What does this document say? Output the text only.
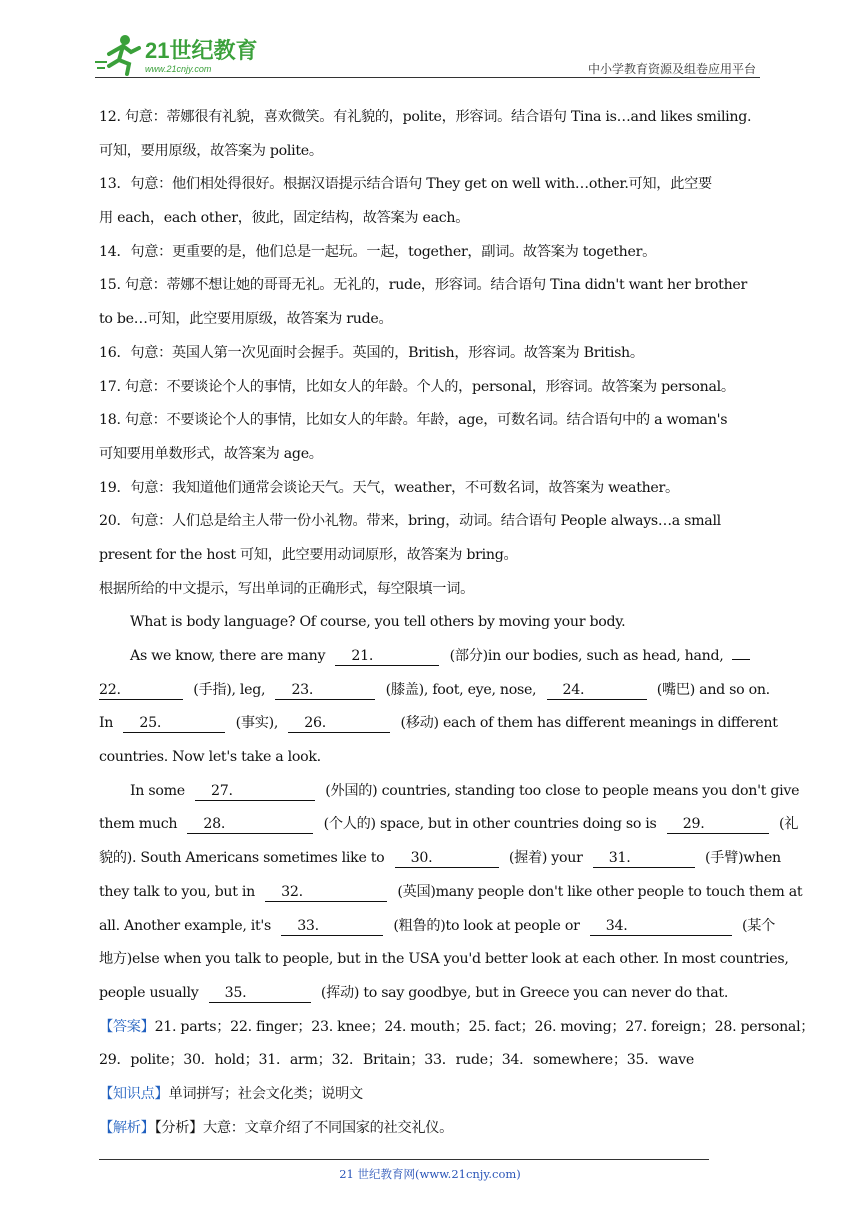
21世纪教育
www.21cnjy.com	中小学教育资源及组卷应用平台
12. 句意：蒂娜很有礼貌，喜欢微笑。有礼貌的，polite，形容词。结合语句 Tina is…and likes smiling.
可知，要用原级，故答案为 polite。
13．句意：他们相处得很好。根据汉语提示结合语句 They get on well with…other.可知，此空要
用 each，each other，彼此，固定结构，故答案为 each。
14．句意：更重要的是，他们总是一起玩。一起，together，副词。故答案为 together。
15. 句意：蒂娜不想让她的哥哥无礼。无礼的，rude，形容词。结合语句 Tina didn't want her brother
to be…可知，此空要用原级，故答案为 rude。
16．句意：英国人第一次见面时会握手。英国的，British，形容词。故答案为 British。
17. 句意：不要谈论个人的事情，比如女人的年龄。个人的，personal，形容词。故答案为 personal。
18. 句意：不要谈论个人的事情，比如女人的年龄。年龄，age，可数名词。结合语句中的 a woman's
可知要用单数形式，故答案为 age。
19．句意：我知道他们通常会谈论天气。天气，weather，不可数名词，故答案为 weather。
20．句意：人们总是给主人带一份小礼物。带来，bring，动词。结合语句 People always…a small
present for the host 可知，此空要用动词原形，故答案为 bring。
根据所给的中文提示，写出单词的正确形式，每空限填一词。
What is body language? Of course, you tell others by moving your body.
As we know, there are many 21.	(部分)in our bodies, such as head, hand,
22.	(手指), leg, 23.	(膝盖), foot, eye, nose, 24.	(嘴巴) and so on.
In 25.	(事实), 26.	(移动) each of them has different meanings in different
countries. Now let's take a look.
In some 27.	(外国的) countries, standing too close to people means you don't give
them much 28.	(个人的) space, but in other countries doing so is 29.	(礼
貌的). South Americans sometimes like to 30.	(握着) your 31.	(手臂)when
they talk to you, but in 32.	(英国)many people don't like other people to touch them at
all. Another example, it's 33.	(粗鲁的)to look at people or 34.	(某个
地方)else when you talk to people, but in the USA you'd better look at each other. In most countries,
people usually 35.	(挥动) to say goodbye, but in Greece you can never do that.
【答案】21. parts；22. finger；23. knee；24. mouth；25. fact；26. moving；27. foreign；28. personal；
29．polite；30．hold；31．arm；32．Britain；33．rude；34．somewhere；35．wave
【知识点】单词拼写；社会文化类；说明文
【解析】【分析】大意：文章介绍了不同国家的社交礼仪。
21 世纪教育网(www.21cnjy.com)
